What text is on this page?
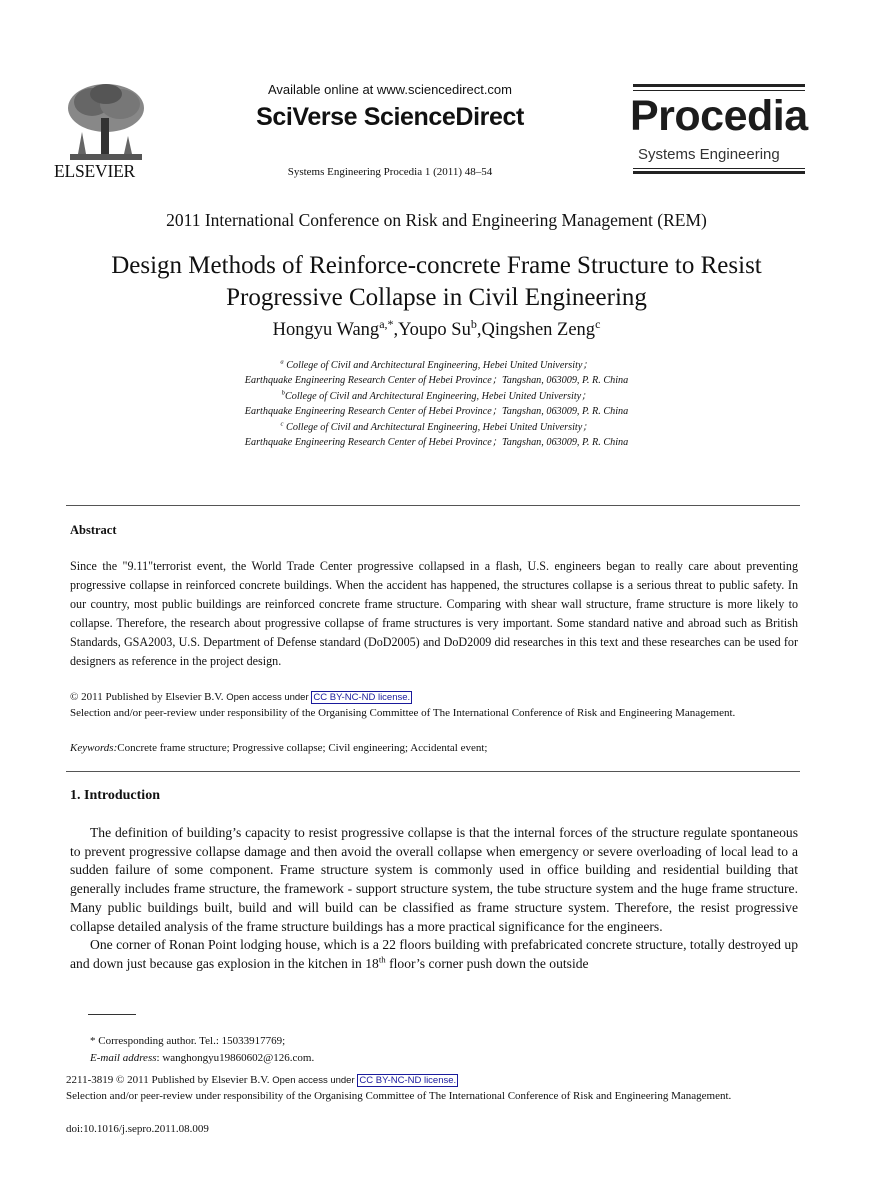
ELSEVIER
Available online at www.sciencedirect.com
SciVerse ScienceDirect
Systems Engineering Procedia 1 (2011) 48–54
Procedia
Systems Engineering
2011 International Conference on Risk and Engineering Management (REM)
Design Methods of Reinforce-concrete Frame Structure to Resist
Progressive Collapse in Civil Engineering
Hongyu Wang$^{a,*}$,Youpo Su$^b$,Qingshen Zeng$^c$
$^a$ College of Civil and Architectural Engineering, Hebei United University；
Earthquake Engineering Research Center of Hebei Province；Tangshan, 063009, P. R. China
$^b$College of Civil and Architectural Engineering, Hebei United University；
Earthquake Engineering Research Center of Hebei Province；Tangshan, 063009, P. R. China
$^c$ College of Civil and Architectural Engineering, Hebei United University；
Earthquake Engineering Research Center of Hebei Province；Tangshan, 063009, P. R. China
Abstract
Since the "9.11"terrorist event, the World Trade Center progressive collapsed in a flash, U.S. engineers began to really care about preventing progressive collapse in reinforced concrete buildings. When the accident has happened, the structures collapse is a serious threat to public safety. In our country, most public buildings are reinforced concrete frame structure. Comparing with shear wall structure, frame structure is more likely to collapse. Therefore, the research about progressive collapse of frame structures is very important. Some standard native and abroad such as British Standards, GSA2003, U.S. Department of Defense standard (DoD2005) and DoD2009 did researches in this text and these researches can be used for designers as reference in the project design.
© 2011 Published by Elsevier B.V. Open access under CC BY-NC-ND license.
Selection and/or peer-review under responsibility of the Organising Committee of The International Conference of Risk and Engineering Management.
Keywords:Concrete frame structure; Progressive collapse; Civil engineering; Accidental event;
1. Introduction

The definition of building’s capacity to resist progressive collapse is that the internal forces of the structure regulate spontaneous to prevent progressive collapse damage and then avoid the overall collapse when emergency or severe overloading of local lead to a sudden failure of some component. Frame structure system is commonly used in office building and residential building that generally includes frame structure, the framework - support structure system, the tube structure system and the huge frame structure. Many public buildings built, build and will build can be classified as frame structure system. Therefore, the resist progressive collapse detailed analysis of the frame structure buildings has a more practical significance for the engineers.

One corner of Ronan Point lodging house, which is a 22 floors building with prefabricated concrete structure, totally destroyed up and down just because gas explosion in the kitchen in 18th floor’s corner push down the outside

* Corresponding author. Tel.: 15033917769;
E-mail address: wanghongyu19860602@126.com.
2211-3819 © 2011 Published by Elsevier B.V. Open access under CC BY-NC-ND license.
Selection and/or peer-review under responsibility of the Organising Committee of The International Conference of Risk and Engineering Management.
doi:10.1016/j.sepro.2011.08.009
